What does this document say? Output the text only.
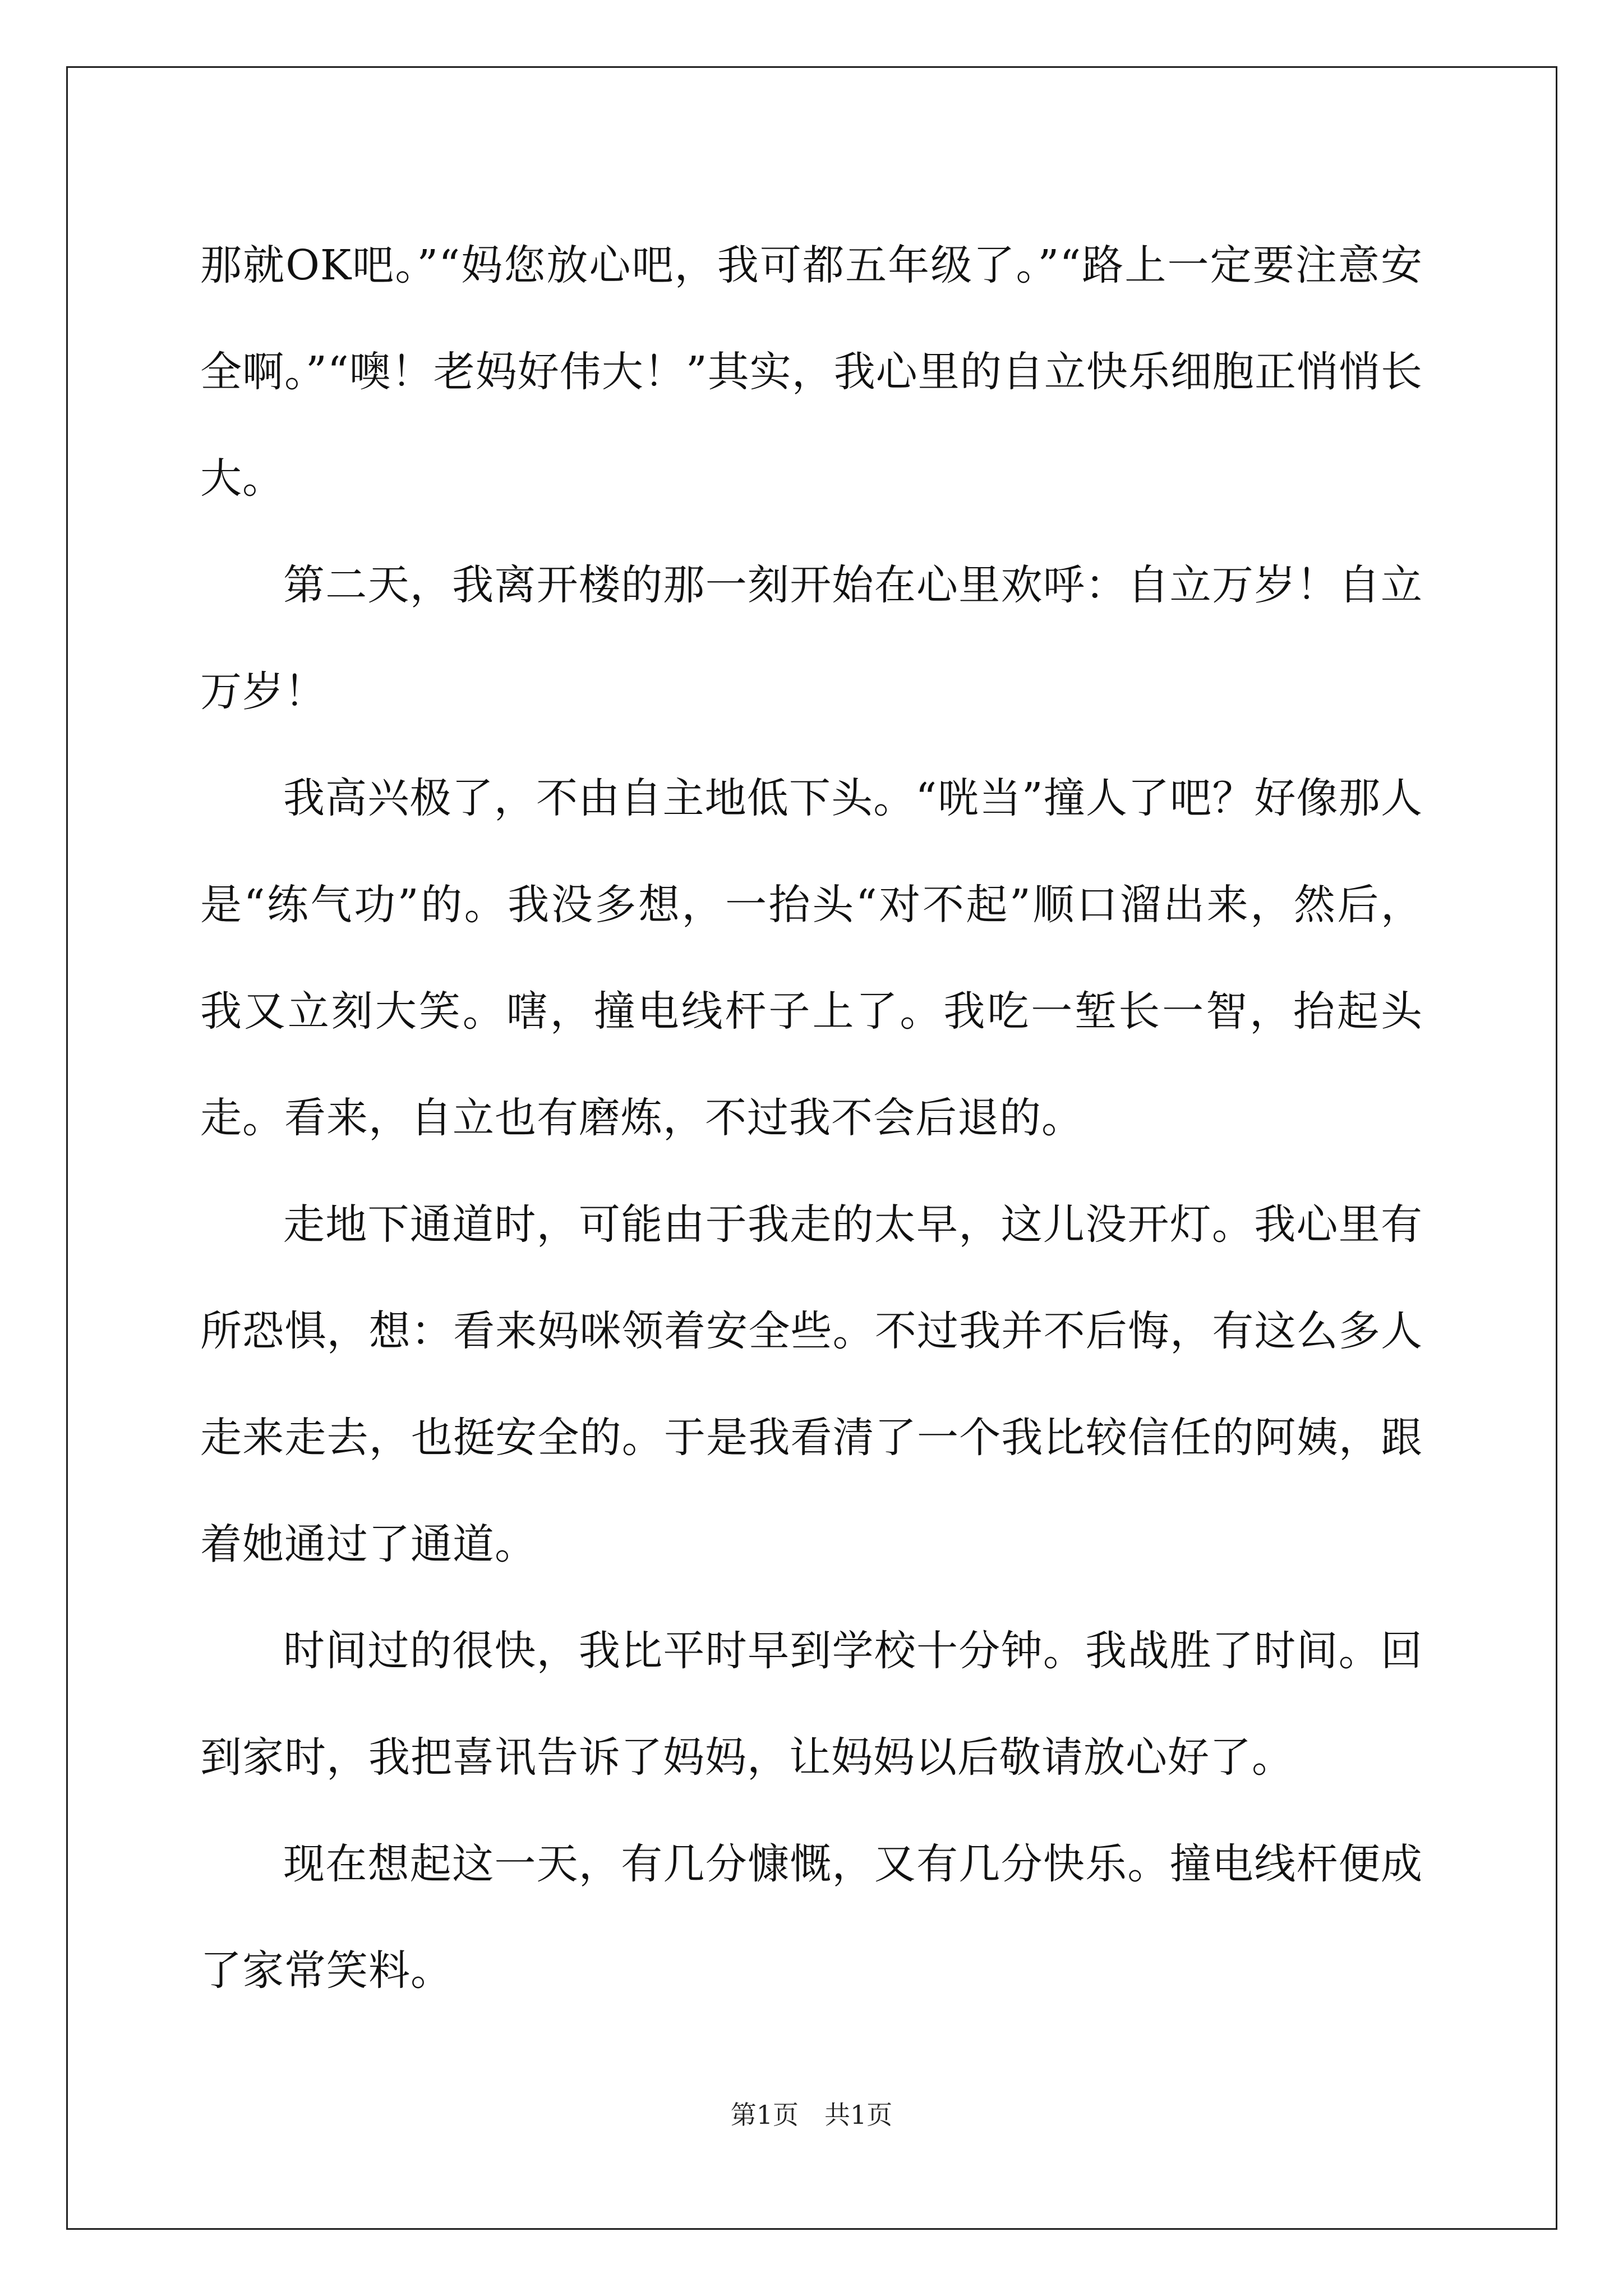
那就OK吧。”“妈您放心吧，我可都五年级了。”“路上一定要注意安全啊。”“噢！老妈好伟大！”其实，我心里的自立快乐细胞正悄悄长大。

第二天，我离开楼的那一刻开始在心里欢呼：自立万岁！自立万岁！

我高兴极了，不由自主地低下头。“咣当”撞人了吧？好像那人是“练气功”的。我没多想，一抬头“对不起”顺口溜出来，然后，我又立刻大笑。嗐，撞电线杆子上了。我吃一堑长一智，抬起头走。看来，自立也有磨炼，不过我不会后退的。

走地下通道时，可能由于我走的太早，这儿没开灯。我心里有所恐惧，想：看来妈咪领着安全些。不过我并不后悔，有这么多人走来走去，也挺安全的。于是我看清了一个我比较信任的阿姨，跟着她通过了通道。

时间过的很快，我比平时早到学校十分钟。我战胜了时间。回到家时，我把喜讯告诉了妈妈，让妈妈以后敬请放心好了。

现在想起这一天，有几分慷慨，又有几分快乐。撞电线杆便成了家常笑料。

第1页　共1页
